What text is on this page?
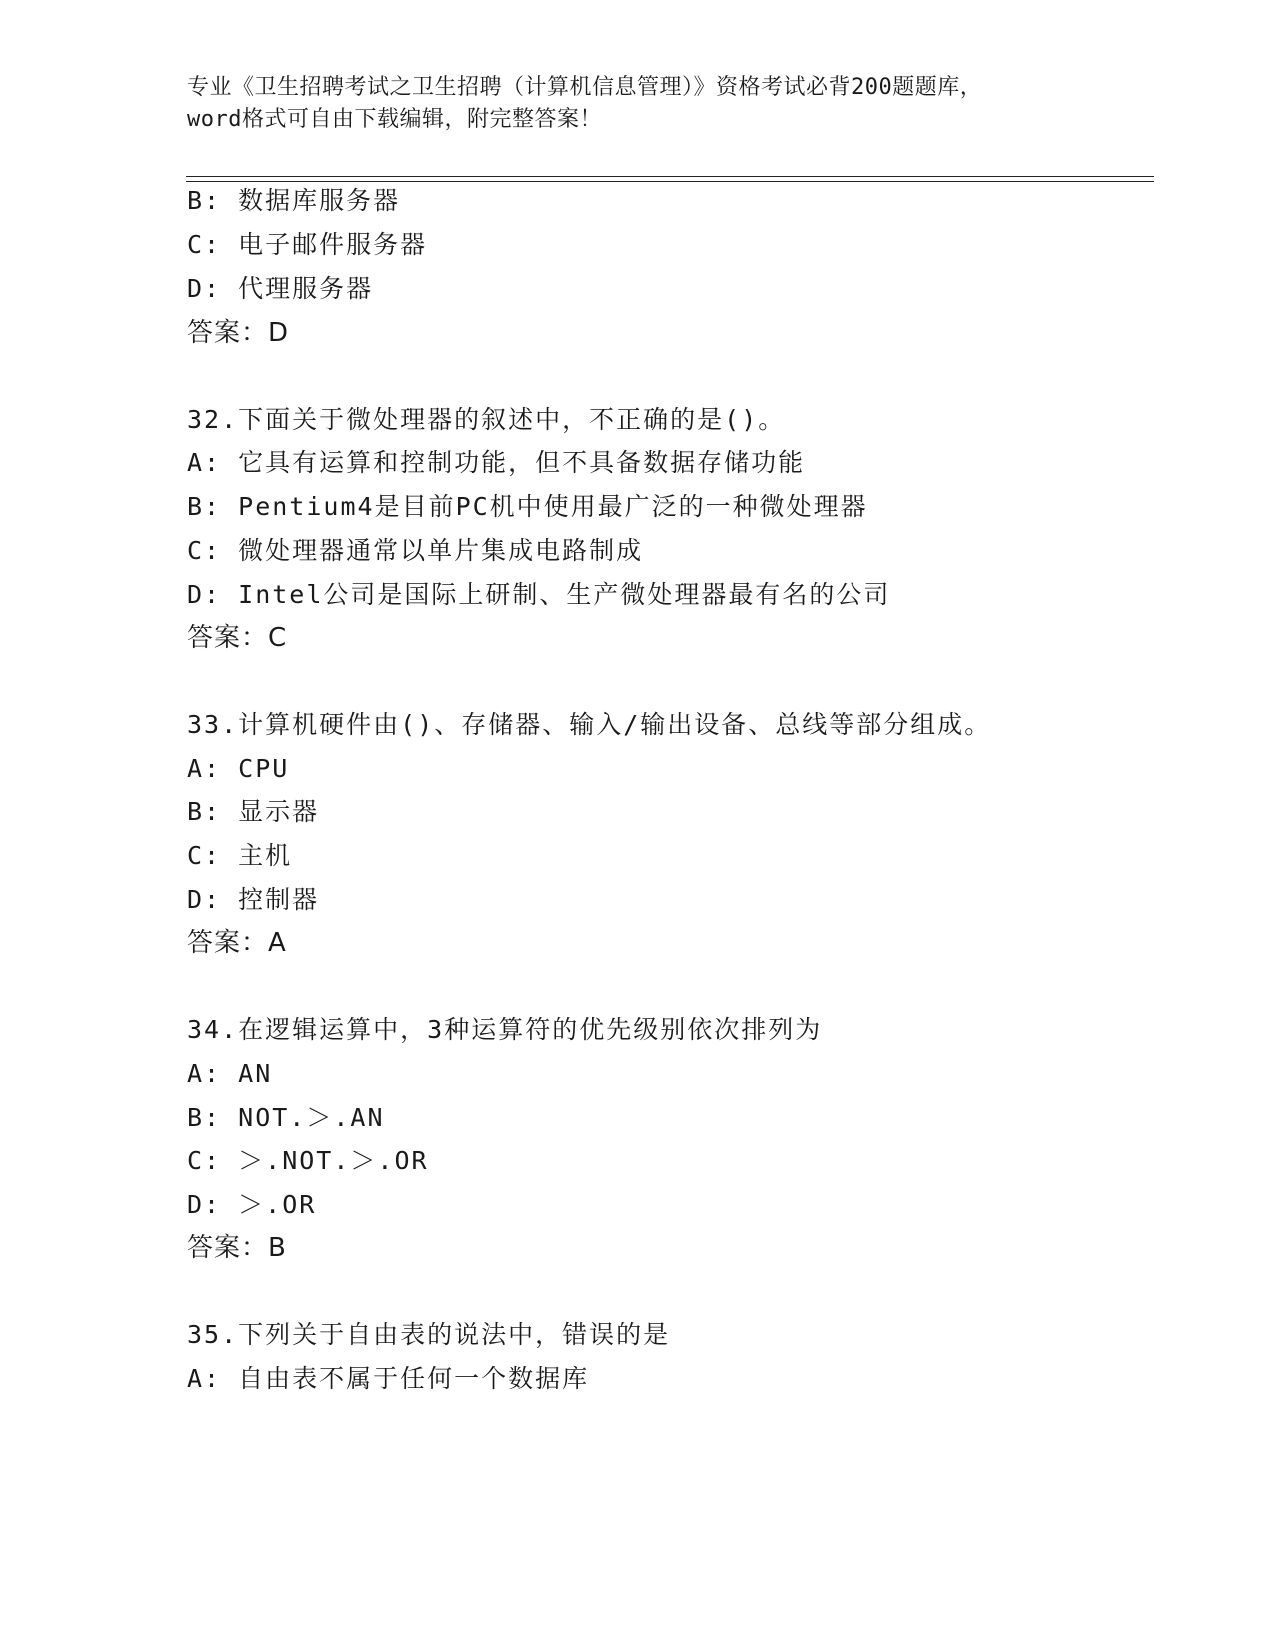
专业《卫生招聘考试之卫生招聘（计算机信息管理）》资格考试必背200题题库，
word格式可自由下载编辑，附完整答案！
B: 数据库服务器
C: 电子邮件服务器
D: 代理服务器
答案：D
32.下面关于微处理器的叙述中，不正确的是()。
A: 它具有运算和控制功能，但不具备数据存储功能
B: Pentium4是目前PC机中使用最广泛的一种微处理器
C: 微处理器通常以单片集成电路制成
D: Intel公司是国际上研制、生产微处理器最有名的公司
答案：C
33.计算机硬件由()、存储器、输入/输出设备、总线等部分组成。
A: CPU
B: 显示器
C: 主机
D: 控制器
答案：A
34.在逻辑运算中，3种运算符的优先级别依次排列为
A: AN
B: NOT.＞.AN
C: ＞.NOT.＞.OR
D: ＞.OR
答案：B
35.下列关于自由表的说法中，错误的是
A: 自由表不属于任何一个数据库
